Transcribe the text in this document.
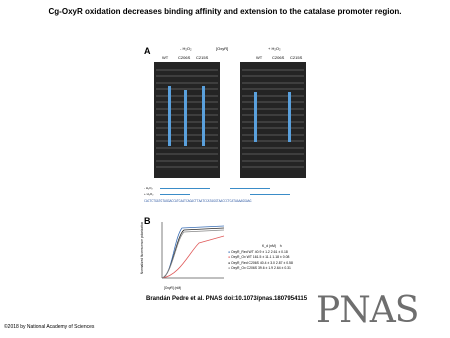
Cg-OxyR oxidation decreases binding affinity and extension to the catalase promoter region.
A	- H₂O₂	[OxyR]	+ H₂O₂
WT C206S C215S	WT C206S C215S
- H₂O₂
+ H₂O₂
CACTCTGATGTAGGACCATCAATCAGACTTAATCCATAGGTAACCCTCATAAAAGGAAG
B
[OxyR] (nM)
Normalized fluorescence polarization	K_d (nM) h
● OxyR_Red WT 40.9 ± 1.2 2.61 ± 0.18
● OxyR_Ox WT 161.5 ± 11.1 1.18 ± 0.08
● OxyR_Red C206S 40.4 ± 3.0 2.87 ± 0.58
● OxyR_Ox C206S 39.6 ± 1.9 2.64 ± 0.31
Brandán Pedre et al. PNAS doi:10.1073/pnas.1807954115 PNAS
©2018 by National Academy of Sciences
